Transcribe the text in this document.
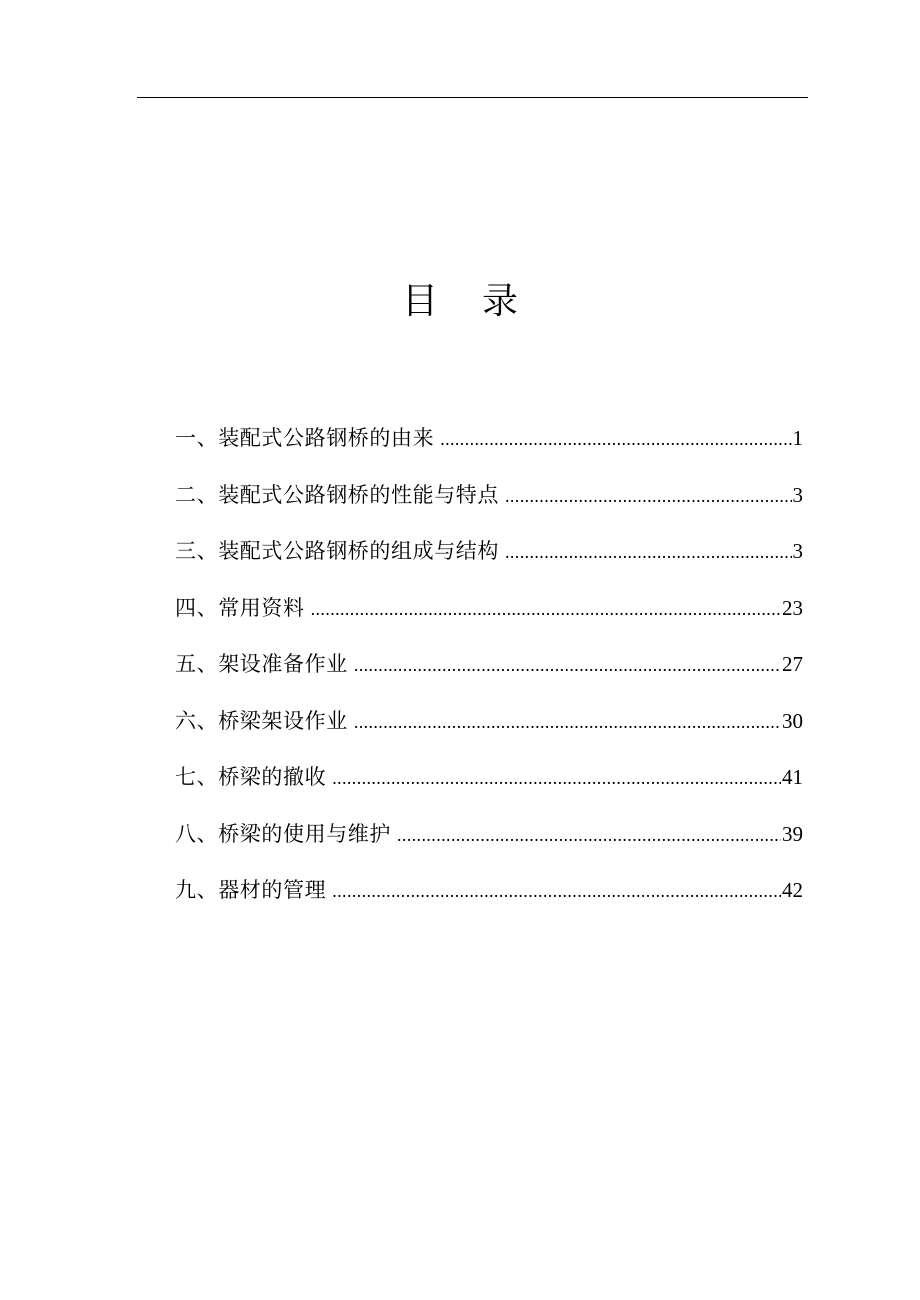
目 录
一、装配式公路钢桥的由来 .....	1
二、装配式公路钢桥的性能与特点 .....	3
三、装配式公路钢桥的组成与结构 .....	3
四、常用资料 .....	23
五、架设准备作业 .....	27
六、桥梁架设作业 .....	30
七、桥梁的撤收 .....	41
八、桥梁的使用与维护 .....	39
九、器材的管理 .....	42
